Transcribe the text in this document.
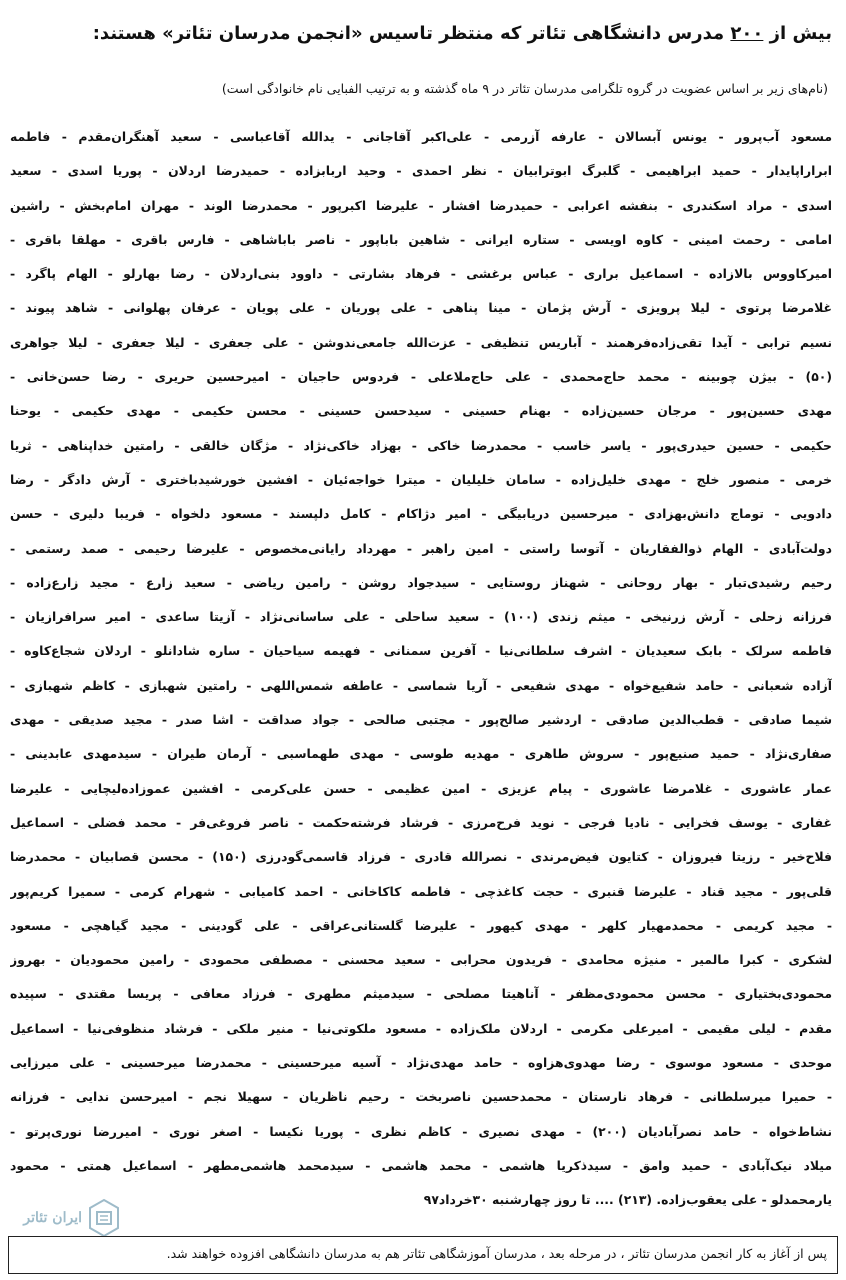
بیش از ۲۰۰ مدرس دانشگاهی تئاتر که منتظر تاسیس «انجمن مدرسان تئاتر» هستند:
(نام‌های زیر بر اساس عضویت در گروه تلگرامی مدرسان تئاتر در ۹ ماه گذشته و به ترتیب الفبایی نام خانوادگی است)
مسعود آب‌پرور - یونس آبسالان - عارفه آزرمی - علی‌اکبر آقاجانی - یدالله آقاعباسی - سعید آهنگران‌مقدم - فاطمه
ابراراپایدار - حمید ابراهیمی - گلبرگ ابوترابیان - نظر احمدی - وحید اربابزاده - حمیدرضا اردلان - پوریا اسدی - سعید
اسدی - مراد اسکندری - بنفشه اعرابی - حمیدرضا افشار - علیرضا اکبرپور - محمدرضا الوند - مهران امام‌بخش - راشین
امامی - رحمت امینی - کاوه اویسی - ستاره ایرانی - شاهین باباپور - ناصر باباشاهی - فارس باقری - مهلقا باقری -
امیرکاووس بالازاده - اسماعیل براری - عباس برغشی - فرهاد بشارتی - داوود بنی‌اردلان - رضا بهارلو - الهام پاگرد -
غلامرضا پرتوی - لیلا پرویزی - آرش پژمان - مینا پناهی - علی پوریان - علی پویان - عرفان پهلوانی - شاهد پیوند -
نسیم ترابی - آیدا تقی‌زاده‌فرهمند - آباریس تنظیفی - عزت‌الله جامعی‌ندوشن - علی جعفری - لیلا جعفری - لیلا جواهری
(۵۰) - بیژن چوبینه - محمد حاج‌محمدی - علی حاج‌ملاعلی - فردوس حاجیان - امیرحسین حریری - رضا حسن‌خانی -
مهدی حسین‌پور - مرجان حسین‌زاده - بهنام حسینی - سیدحسن حسینی - محسن حکیمی - مهدی حکیمی - یوحنا
حکیمی - حسین حیدری‌پور - یاسر خاسب - محمدرضا خاکی - بهزاد خاکی‌نژاد - مژگان خالقی - رامتین خداپناهی - ثریا
خرمی - منصور خلج - مهدی خلیل‌زاده - سامان خلیلیان - میترا خواجه‌ئیان - افشین خورشیدباختری - آرش دادگر - رضا
دادویی - توماج دانش‌بهزادی - میرحسین دریابیگی - امیر دژاکام - کامل دلپسند - مسعود دلخواه - فریبا دلیری - حسن
دولت‌آبادی - الهام ذوالفقاریان - آتوسا راستی - امین راهبر - مهرداد رایانی‌مخصوص - علیرضا رحیمی - صمد رستمی -
رحیم رشیدی‌تبار - بهار روحانی - شهناز روستایی - سیدجواد روشن - رامین ریاضی - سعید زارع - مجید زارع‌زاده -
فرزانه زحلی - آرش زرنیخی - میثم زندی (۱۰۰) - سعید ساحلی - علی ساسانی‌نژاد - آزیتا ساعدی - امیر سرافرازیان -
فاطمه سرلک - بابک سعیدیان - اشرف سلطانی‌نیا - آفرین سمنانی - فهیمه سیاحیان - ساره شادانلو - اردلان شجاع‌کاوه -
آزاده شعبانی - حامد شفیع‌خواه - مهدی شفیعی - آریا شماسی - عاطفه شمس‌اللهی - رامتین شهبازی - کاظم شهبازی -
شیما صادقی - قطب‌الدین صادقی - اردشیر صالح‌پور - مجتبی صالحی - جواد صداقت - اشا صدر - مجید صدیقی - مهدی
صفاری‌نژاد - حمید صنیع‌پور - سروش طاهری - مهدیه طوسی - مهدی طهماسبی - آرمان طیران - سیدمهدی عابدینی -
عمار عاشوری - غلامرضا عاشوری - پیام عزیزی - امین عظیمی - حسن علی‌کرمی - افشین عموزاده‌لیچایی - علیرضا
غفاری - یوسف فخرایی - نادیا فرجی - نوید فرح‌مرزی - فرشاد فرشته‌حکمت - ناصر فروغی‌فر - محمد فضلی - اسماعیل
فلاح‌خیر - رزیتا فیروزان - کتایون فیض‌مرندی - نصرالله قادری - فرزاد قاسمی‌گودرزی (۱۵۰) - محسن قصابیان - محمدرضا
قلی‌پور - مجید قناد - علیرضا قنبری - حجت کاغذچی - فاطمه کاکاخانی - احمد کامیابی - شهرام کرمی - سمیرا کریم‌پور
- مجید کریمی - محمدمهیار کلهر - مهدی کیهور - علیرضا گلستانی‌عراقی - علی گودینی - مجید گیاهچی - مسعود
لشکری - کبرا مالمیر - منیژه محامدی - فریدون محرابی - سعید محسنی - مصطفی محمودی - رامین محمودیان - بهروز
محمودی‌بختیاری - محسن محمودی‌مظفر - آناهیتا مصلحی - سیدمیثم مطهری - فرزاد معافی - پریسا مقتدی - سپیده
مقدم - لیلی مقیمی - امیرعلی مکرمی - اردلان ملک‌زاده - مسعود ملکوتی‌نیا - منیر ملکی - فرشاد منظوفی‌نیا - اسماعیل
موحدی - مسعود موسوی - رضا مهدوی‌هزاوه - حامد مهدی‌نژاد - آسیه میرحسینی - محمدرضا میرحسینی - علی میرزایی
- حمیرا میرسلطانی - فرهاد نارستان - محمدحسین ناصربخت - رحیم ناظریان - سهیلا نجم - امیرحسن ندایی - فرزانه
نشاط‌خواه - حامد نصرآبادیان (۲۰۰) - مهدی نصیری - کاظم نظری - پوریا نکیسا - اصغر نوری - امیررضا نوری‌پرتو -
میلاد نیک‌آبادی - حمید وامق - سیدذکریا هاشمی - محمد هاشمی - سیدمحمد هاشمی‌مطهر - اسماعیل همتی - محمود
یارمحمدلو - علی یعقوب‌زاده. (۲۱۳) .... تا روز چهارشنبه ۳۰خرداد۹۷
ایران تئاتر
پس از آغاز به کار انجمن مدرسان تئاتر ، در مرحله بعد ، مدرسان آموزشگاهی تئاتر هم به مدرسان دانشگاهی افزوده خواهند شد.
